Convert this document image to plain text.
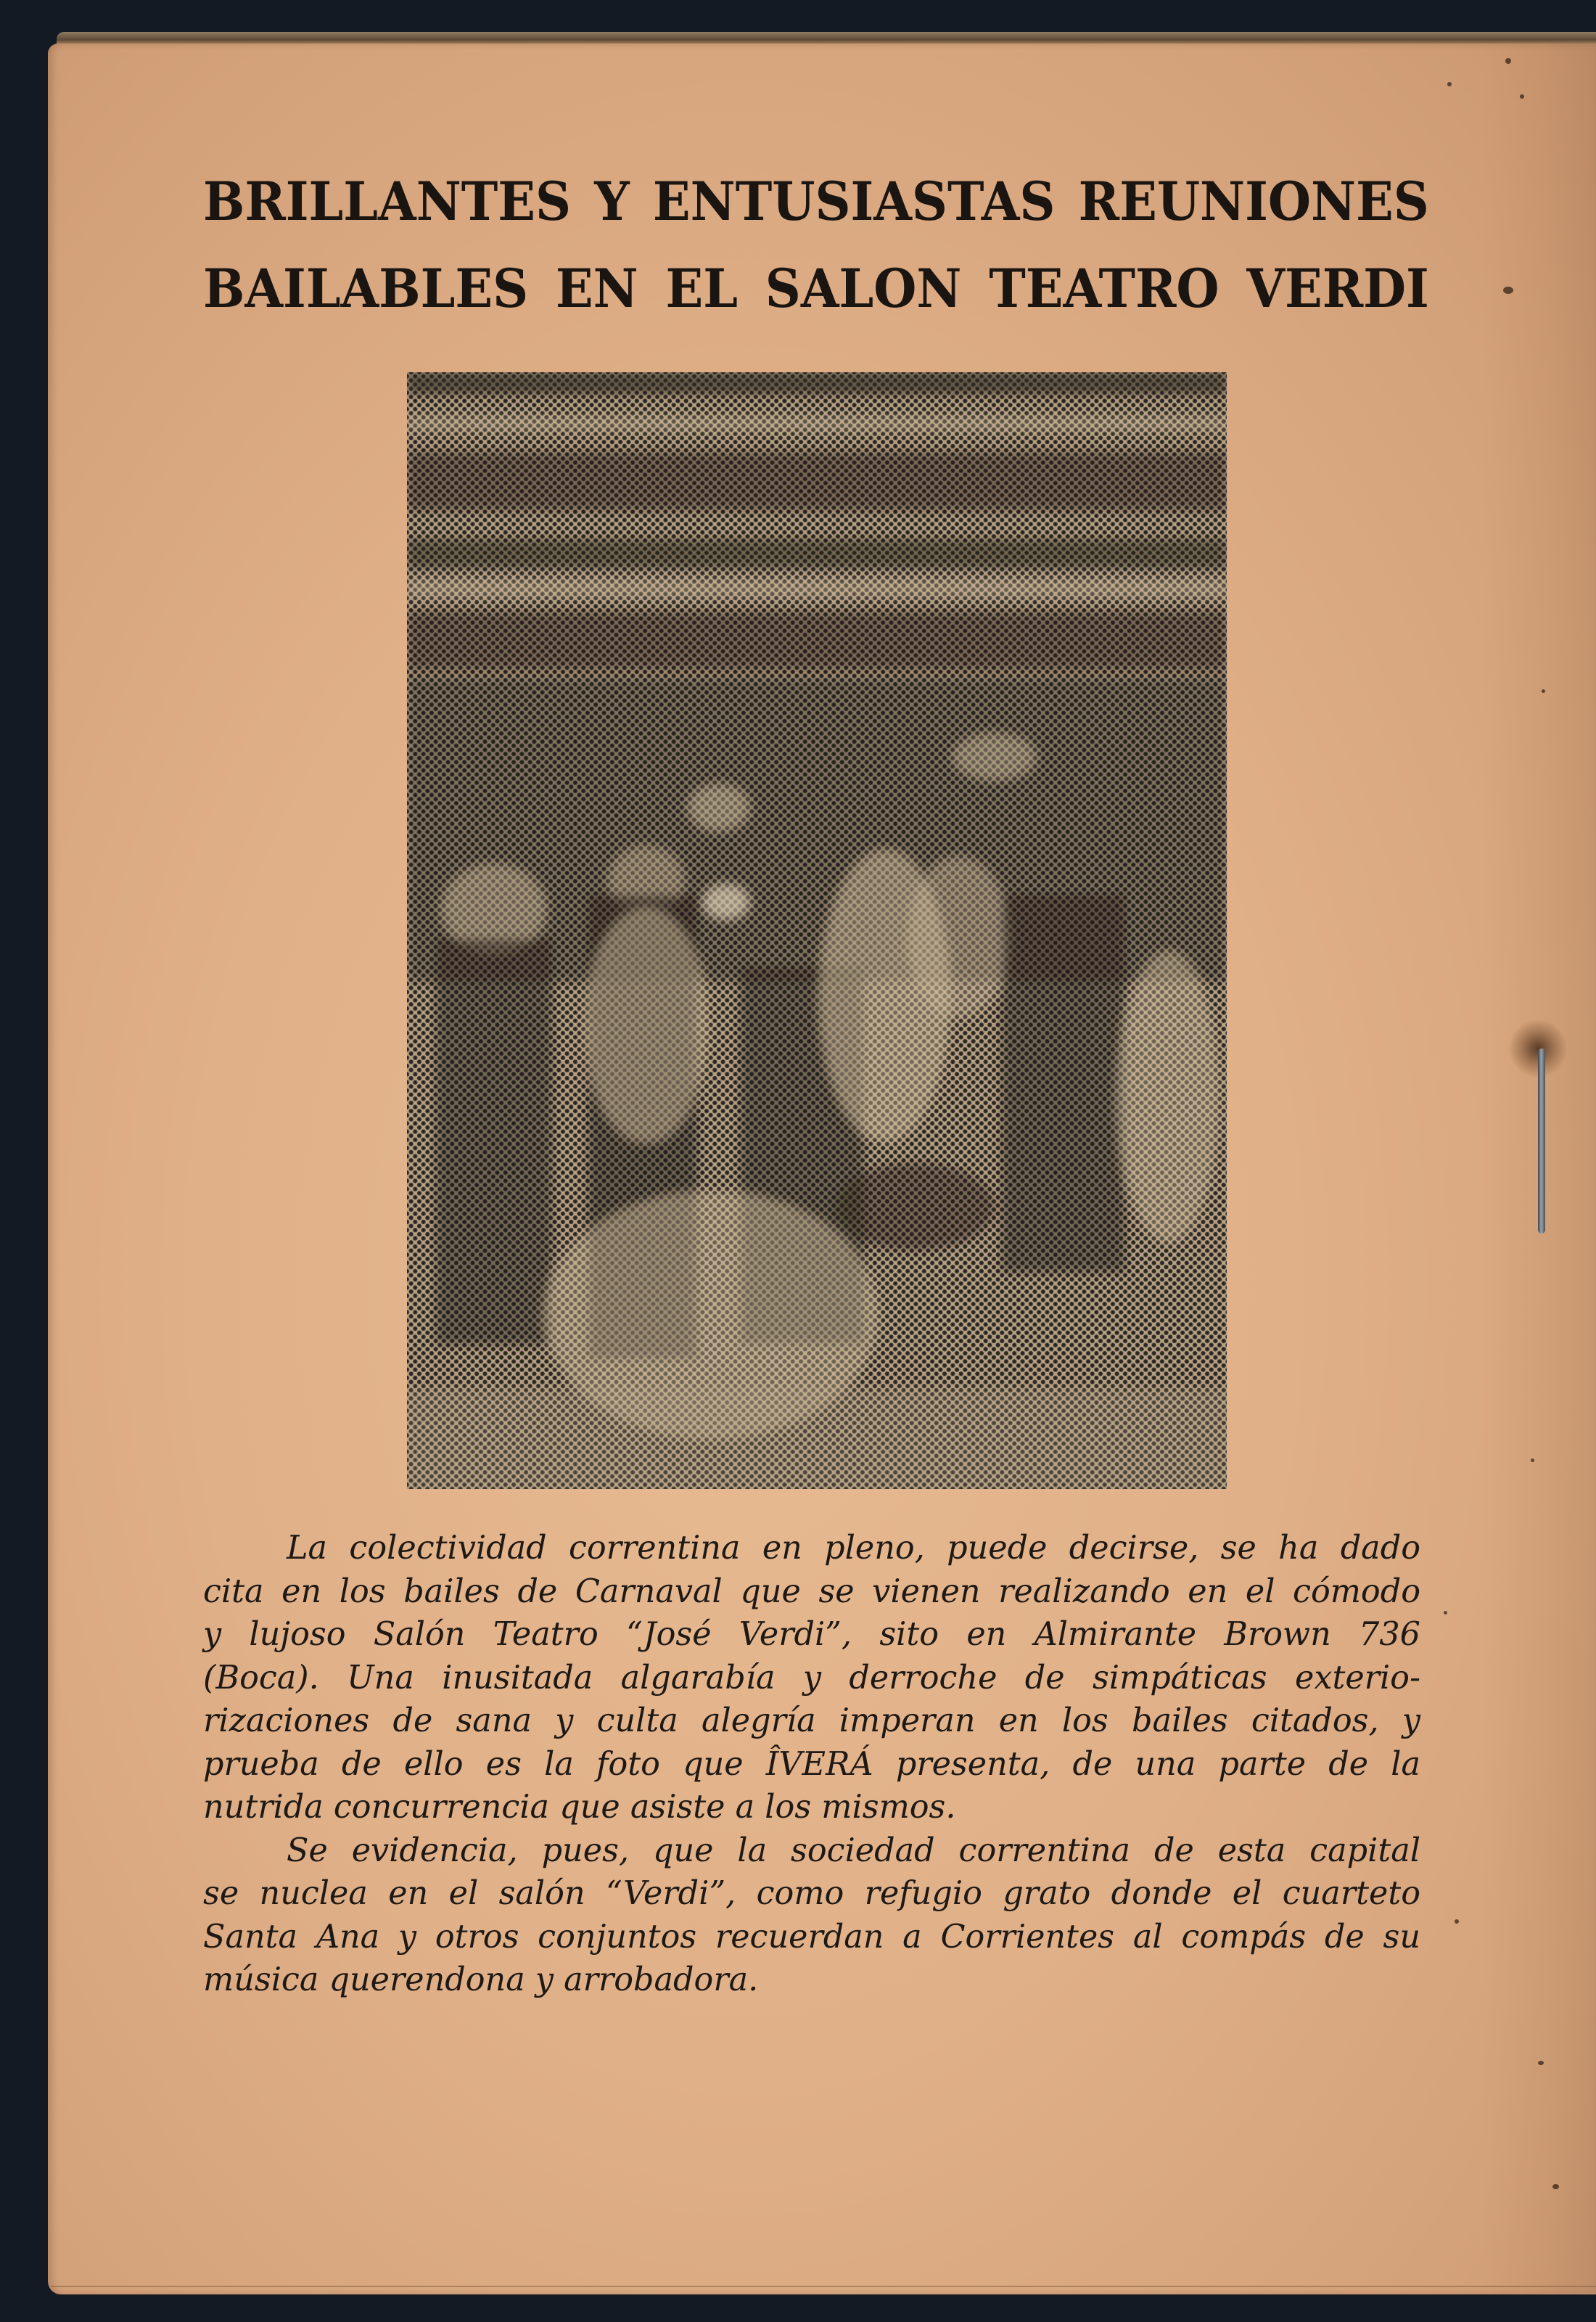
BRILLANTES Y ENTUSIASTAS REUNIONES
BAILABLES EN EL SALON TEATRO VERDI
La colectividad correntina en pleno, puede decirse, se ha dado
cita en los bailes de Carnaval que se vienen realizando en el cómodo
y lujoso Salón Teatro “José Verdi”, sito en Almirante Brown 736
(Boca). Una inusitada algarabía y derroche de simpáticas exterio-
rizaciones de sana y culta alegría imperan en los bailes citados, y
prueba de ello es la foto que ÎVERÁ presenta, de una parte de la
nutrida concurrencia que asiste a los mismos.
Se evidencia, pues, que la sociedad correntina de esta capital
se nuclea en el salón “Verdi”, como refugio grato donde el cuarteto
Santa Ana y otros conjuntos recuerdan a Corrientes al compás de su
música querendona y arrobadora.
